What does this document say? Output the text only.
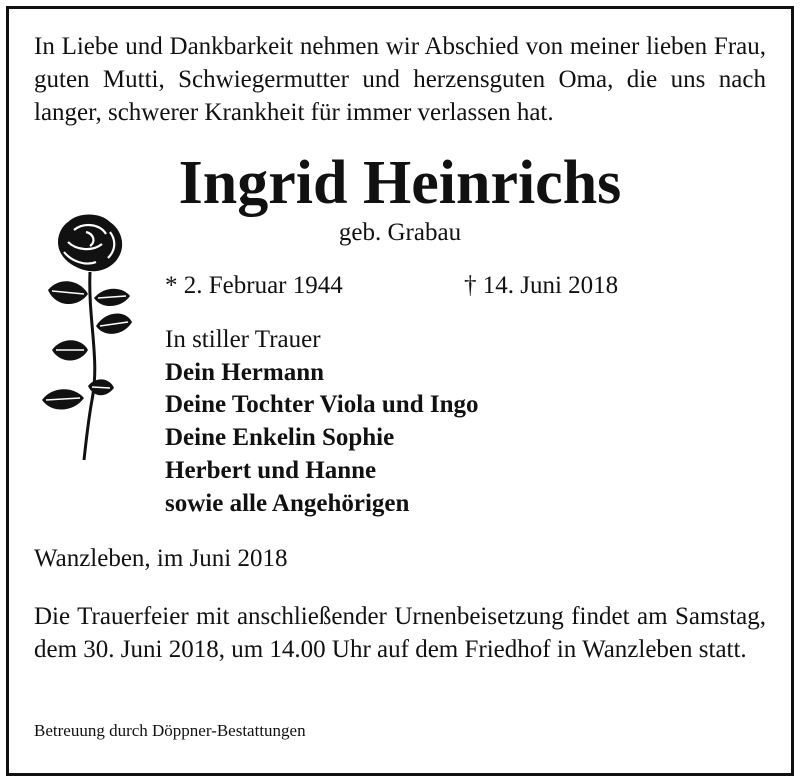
In Liebe und Dankbarkeit nehmen wir Abschied von meiner lieben Frau, guten Mutti, Schwiegermutter und herzensguten Oma, die uns nach langer, schwerer Krankheit für immer verlassen hat.

Ingrid Heinrichs
geb. Grabau
* 2. Februar 1944	† 14. Juni 2018
In stiller Trauer
Dein Hermann
Deine Tochter Viola und Ingo
Deine Enkelin Sophie
Herbert und Hanne
sowie alle Angehörigen
Wanzleben, im Juni 2018

Die Trauerfeier mit anschließender Urnenbeisetzung findet am Samstag, dem 30. Juni 2018, um 14.00 Uhr auf dem Friedhof in Wanzleben statt.

Betreuung durch Döppner-Bestattungen
